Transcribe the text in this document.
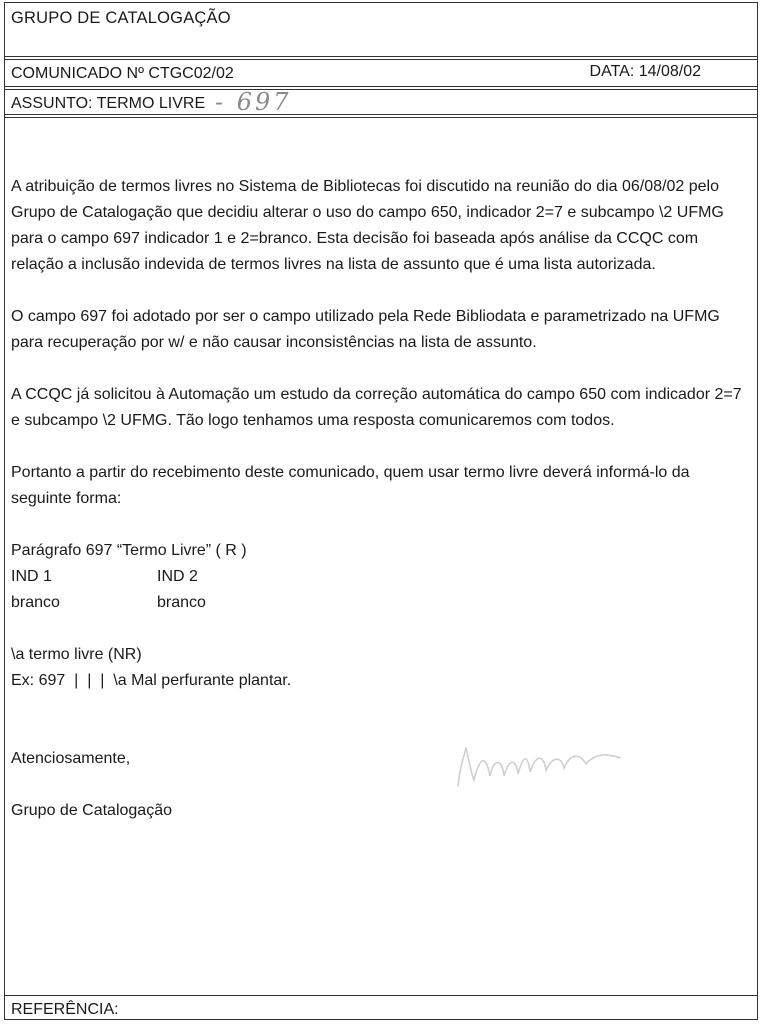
GRUPO DE CATALOGAÇÃO
COMUNICADO Nº CTGC02/02	DATA: 14/08/02
ASSUNTO: TERMO LIVRE - 697

A atribuição de termos livres no Sistema de Bibliotecas foi discutido na reunião do dia 06/08/02 pelo Grupo de Catalogação que decidiu alterar o uso do campo 650, indicador 2=7 e subcampo \2 UFMG para o campo 697 indicador 1 e 2=branco. Esta decisão foi baseada após análise da CCQC com relação a inclusão indevida de termos livres na lista de assunto que é uma lista autorizada.

O campo 697 foi adotado por ser o campo utilizado pela Rede Bibliodata e parametrizado na UFMG para recuperação por w/ e não causar inconsistências na lista de assunto.

A CCQC já solicitou à Automação um estudo da correção automática do campo 650 com indicador 2=7 e subcampo \2 UFMG. Tão logo tenhamos uma resposta comunicaremos com todos.

Portanto a partir do recebimento deste comunicado, quem usar termo livre deverá informá-lo da seguinte forma:

Parágrafo 697 “Termo Livre” ( R )
IND 1	IND 2
branco	branco
\a termo livre (NR)
Ex: 697  |  |  |  \a Mal perfurante plantar.
Atenciosamente,
Grupo de Catalogação
REFERÊNCIA:
